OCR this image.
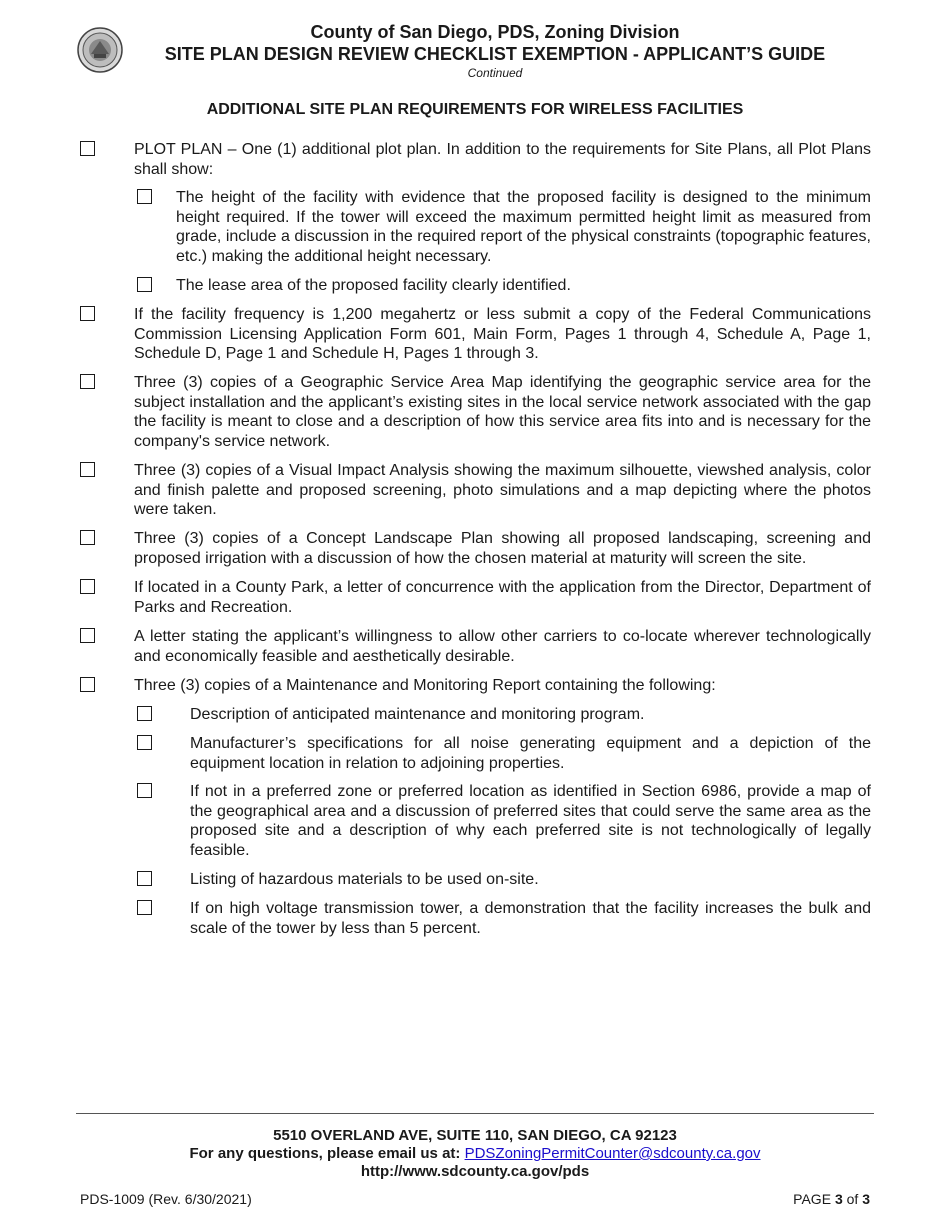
County of San Diego, PDS, Zoning Division
SITE PLAN DESIGN REVIEW CHECKLIST EXEMPTION - APPLICANT’S GUIDE
Continued
ADDITIONAL SITE PLAN REQUIREMENTS FOR WIRELESS FACILITIES
PLOT PLAN – One (1) additional plot plan. In addition to the requirements for Site Plans, all Plot Plans shall show:
The height of the facility with evidence that the proposed facility is designed to the minimum height required. If the tower will exceed the maximum permitted height limit as measured from grade, include a discussion in the required report of the physical constraints (topographic features, etc.) making the additional height necessary.
The lease area of the proposed facility clearly identified.
If the facility frequency is 1,200 megahertz or less submit a copy of the Federal Communications Commission Licensing Application Form 601, Main Form, Pages 1 through 4, Schedule A, Page 1, Schedule D, Page 1 and Schedule H, Pages 1 through 3.
Three (3) copies of a Geographic Service Area Map identifying the geographic service area for the subject installation and the applicant’s existing sites in the local service network associated with the gap the facility is meant to close and a description of how this service area fits into and is necessary for the company's service network.
Three (3) copies of a Visual Impact Analysis showing the maximum silhouette, viewshed analysis, color and finish palette and proposed screening, photo simulations and a map depicting where the photos were taken.
Three (3) copies of a Concept Landscape Plan showing all proposed landscaping, screening and proposed irrigation with a discussion of how the chosen material at maturity will screen the site.
If located in a County Park, a letter of concurrence with the application from the Director, Department of Parks and Recreation.
A letter stating the applicant’s willingness to allow other carriers to co-locate wherever technologically and economically feasible and aesthetically desirable.
Three (3) copies of a Maintenance and Monitoring Report containing the following:
Description of anticipated maintenance and monitoring program.
Manufacturer’s specifications for all noise generating equipment and a depiction of the equipment location in relation to adjoining properties.
If not in a preferred zone or preferred location as identified in Section 6986, provide a map of the geographical area and a discussion of preferred sites that could serve the same area as the proposed site and a description of why each preferred site is not technologically of legally feasible.
Listing of hazardous materials to be used on-site.
If on high voltage transmission tower, a demonstration that the facility increases the bulk and scale of the tower by less than 5 percent.
5510 OVERLAND AVE, SUITE 110, SAN DIEGO, CA 92123
For any questions, please email us at: PDSZoningPermitCounter@sdcounty.ca.gov
http://www.sdcounty.ca.gov/pds
PDS-1009 (Rev. 6/30/2021)	PAGE 3 of 3
